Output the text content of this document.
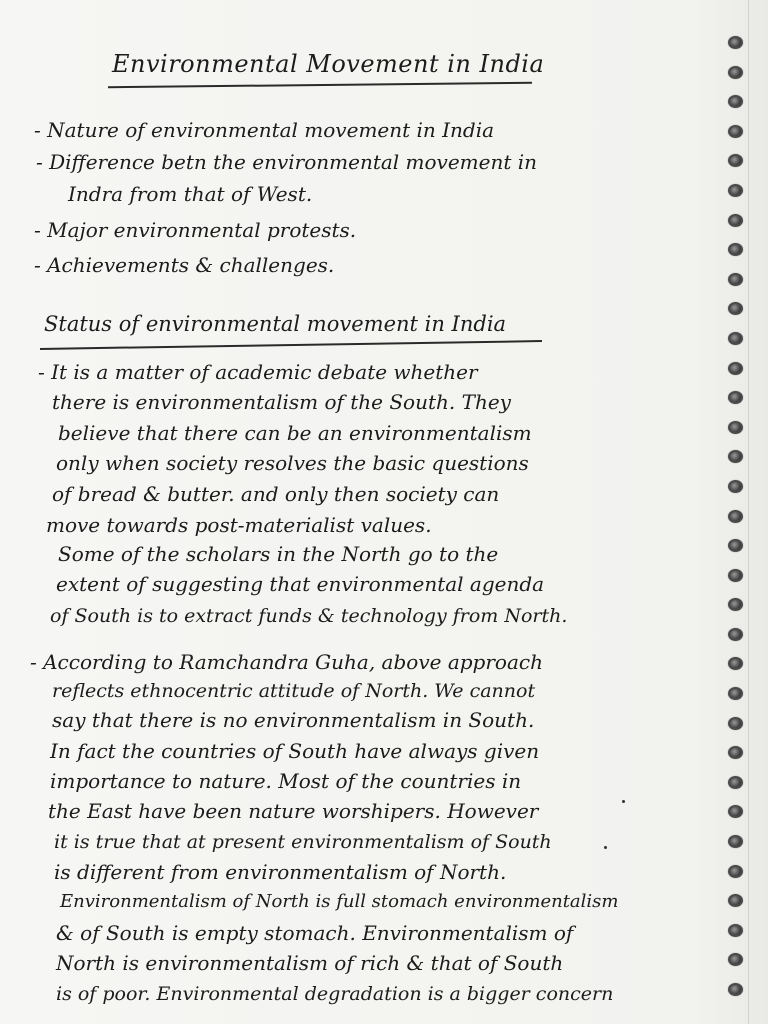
Environmental Movement in India
- Nature of environmental movement in India
- Difference betn the environmental movement in
Indra from that of West.
- Major environmental protests.
- Achievements & challenges.
Status of environmental movement in India
- It is a matter of academic debate whether
there is environmentalism of the South. They
believe that there can be an environmentalism
only when society resolves the basic questions
of bread & butter. and only then society can
move towards post-materialist values.
Some of the scholars in the North go to the
extent of suggesting that environmental agenda
of South is to extract funds & technology from North.
- According to Ramchandra Guha, above approach
reflects ethnocentric attitude of North. We cannot
say that there is no environmentalism in South.
In fact the countries of South have always given
importance to nature. Most of the countries in
the East have been nature worshipers. However
it is true that at present environmentalism of South
is different from environmentalism of North.
Environmentalism of North is full stomach environmentalism
& of South is empty stomach. Environmentalism of
North is environmentalism of rich & that of South
is of poor. Environmental degradation is a bigger concern
